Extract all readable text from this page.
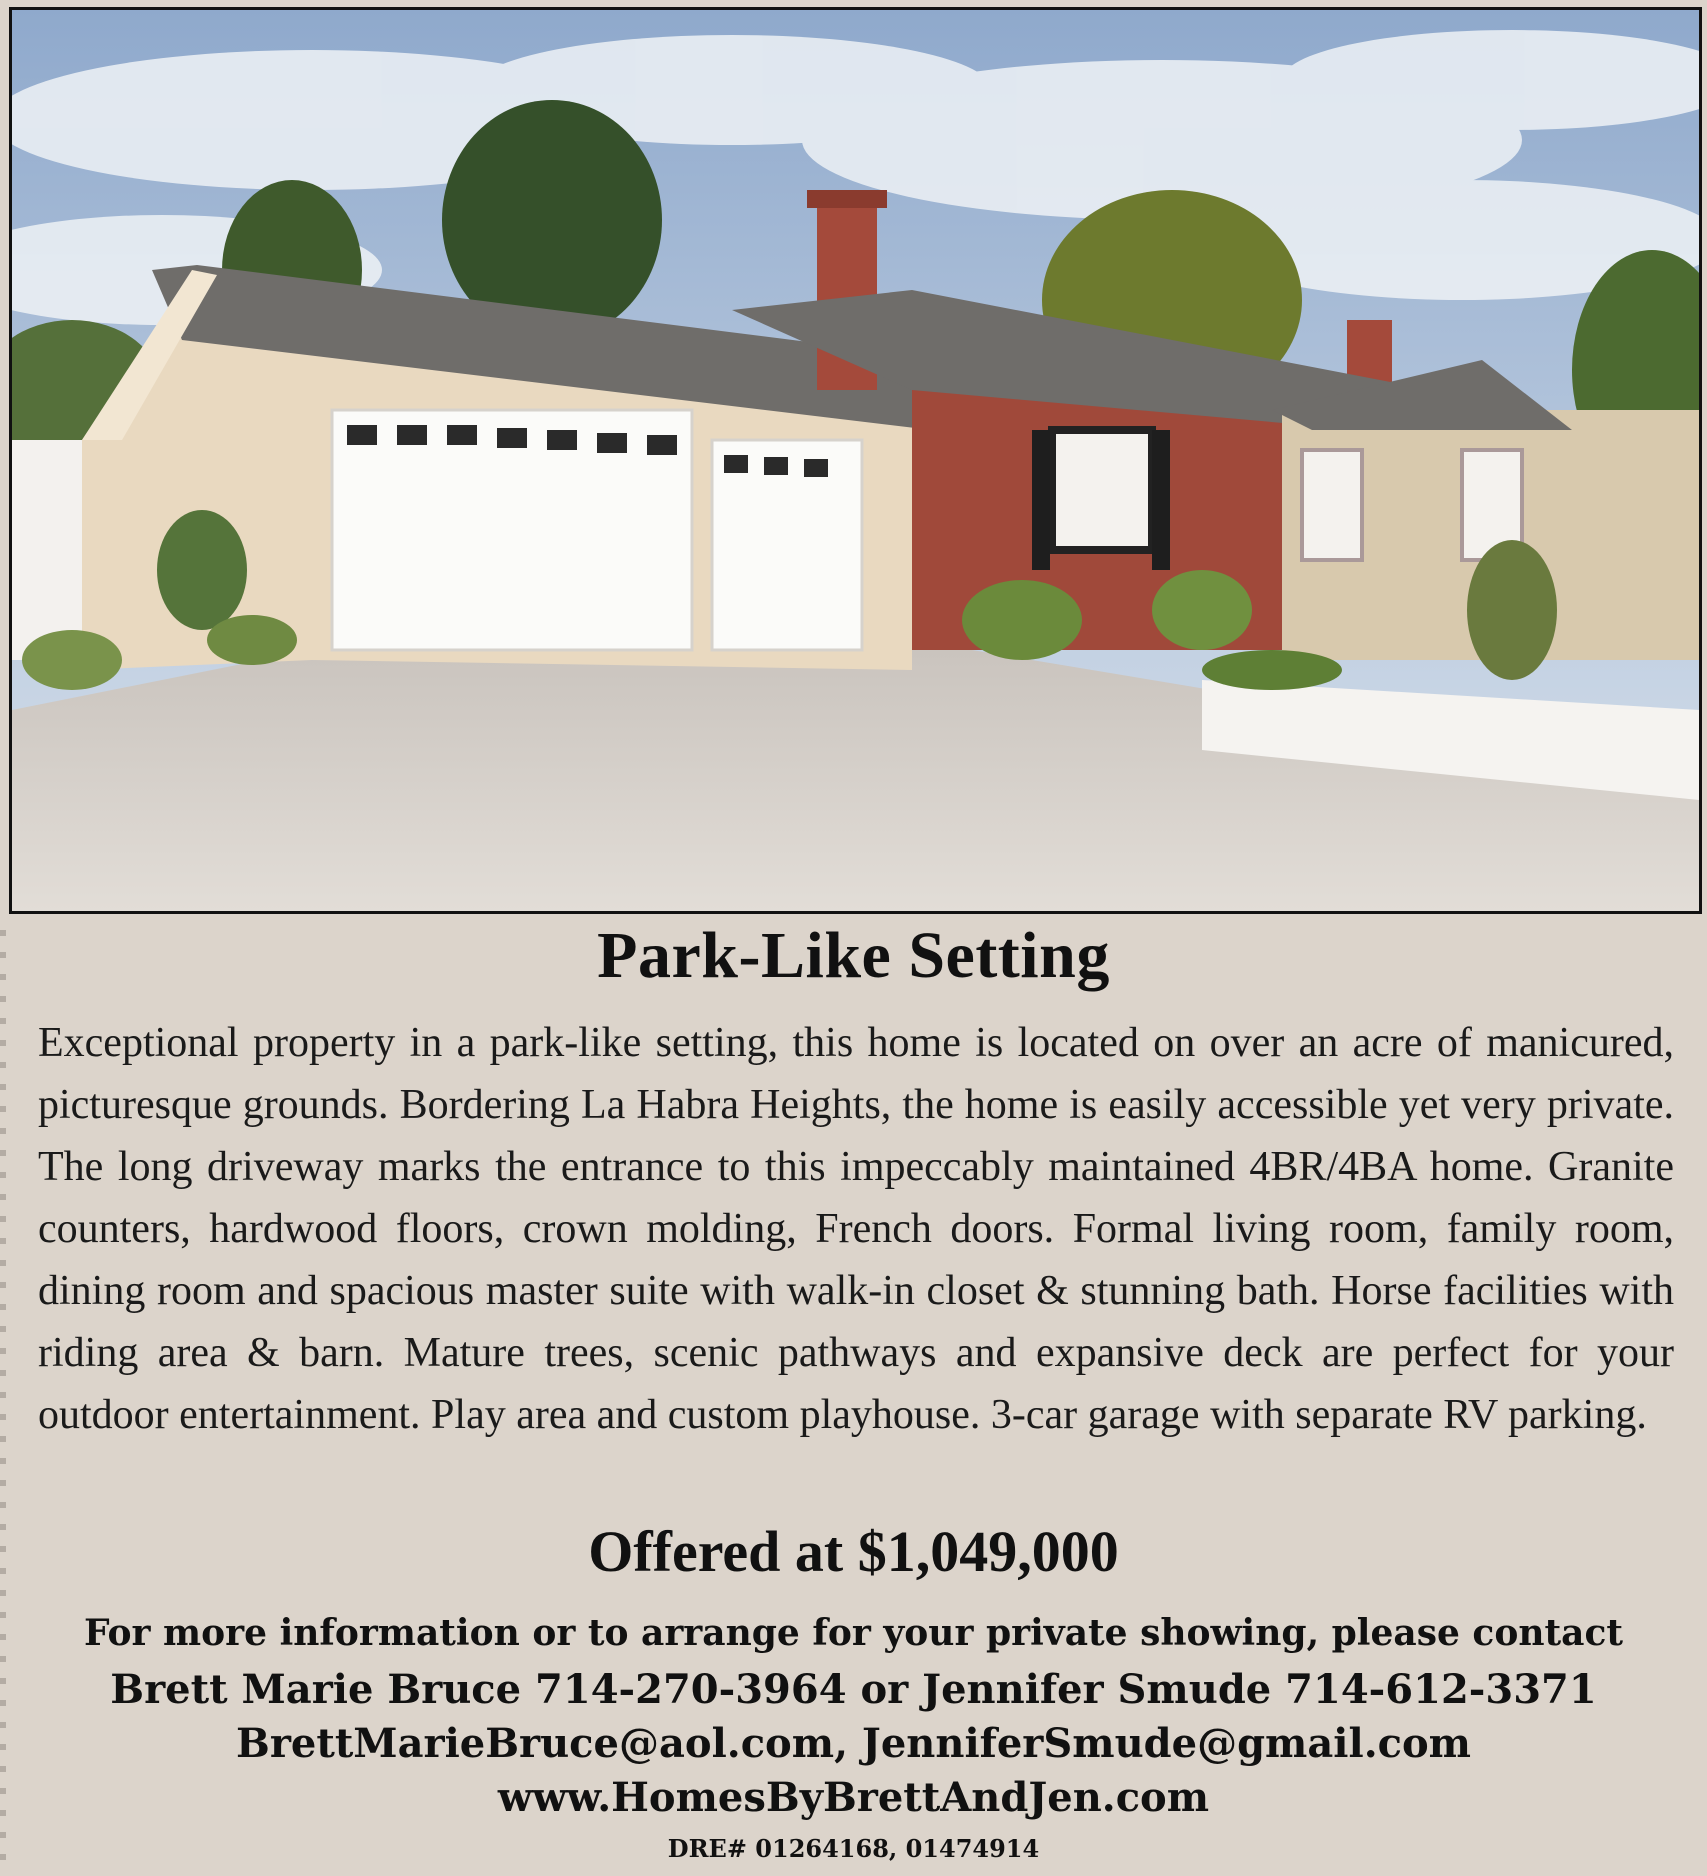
Park-Like Setting
Exceptional property in a park-like setting, this home is located on over an acre of manicured, picturesque grounds. Bordering La Habra Heights, the home is easily accessible yet very private. The long driveway marks the entrance to this impeccably maintained 4BR/4BA home. Granite counters, hardwood floors, crown molding, French doors. Formal living room, family room, dining room and spacious master suite with walk-in closet & stunning bath. Horse facilities with riding area & barn. Mature trees, scenic pathways and expansive deck are perfect for your outdoor entertainment. Play area and custom playhouse. 3-car garage with separate RV parking.
Offered at $1,049,000
For more information or to arrange for your private showing, please contact
Brett Marie Bruce 714-270-3964 or Jennifer Smude 714-612-3371
BrettMarieBruce@aol.com, JenniferSmude@gmail.com
www.HomesByBrettAndJen.com
DRE# 01264168, 01474914
